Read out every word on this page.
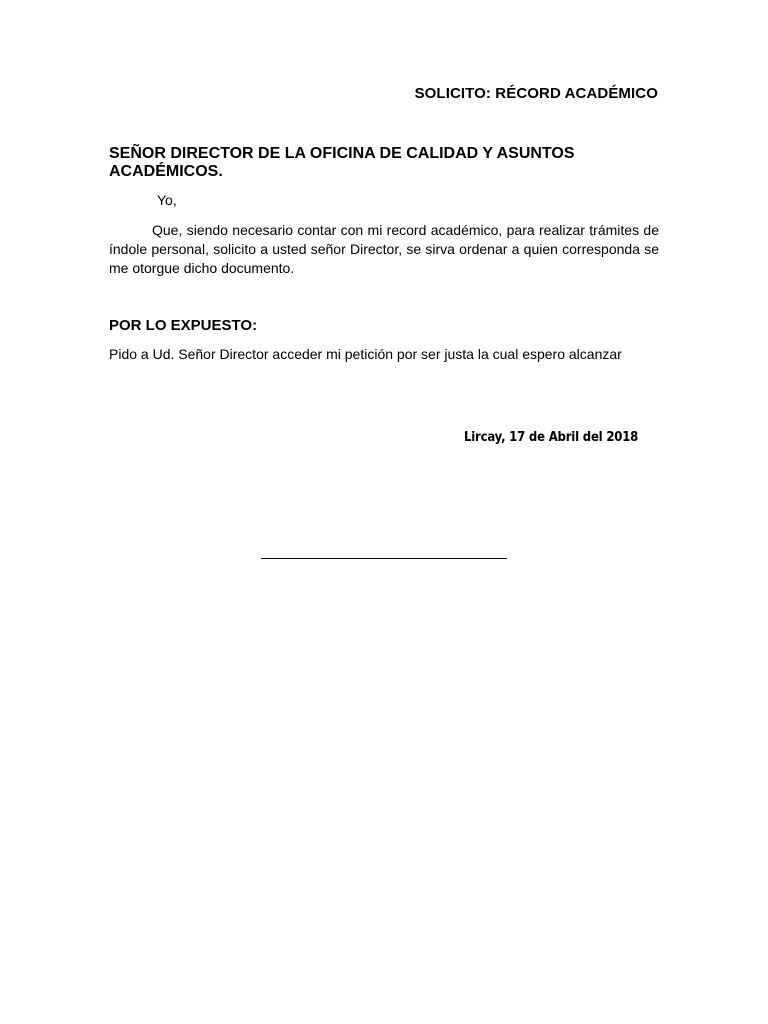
SOLICITO: RÉCORD ACADÉMICO
SEÑOR DIRECTOR DE LA OFICINA DE CALIDAD Y ASUNTOS ACADÉMICOS.
Yo,
Que, siendo necesario contar con mi record académico, para realizar trámites de índole personal, solicito a usted señor Director, se sirva ordenar a quien corresponda se me otorgue dicho documento.
POR LO EXPUESTO:
Pido a Ud. Señor Director acceder mi petición por ser justa la cual espero alcanzar
Lircay, 17 de Abril del 2018
